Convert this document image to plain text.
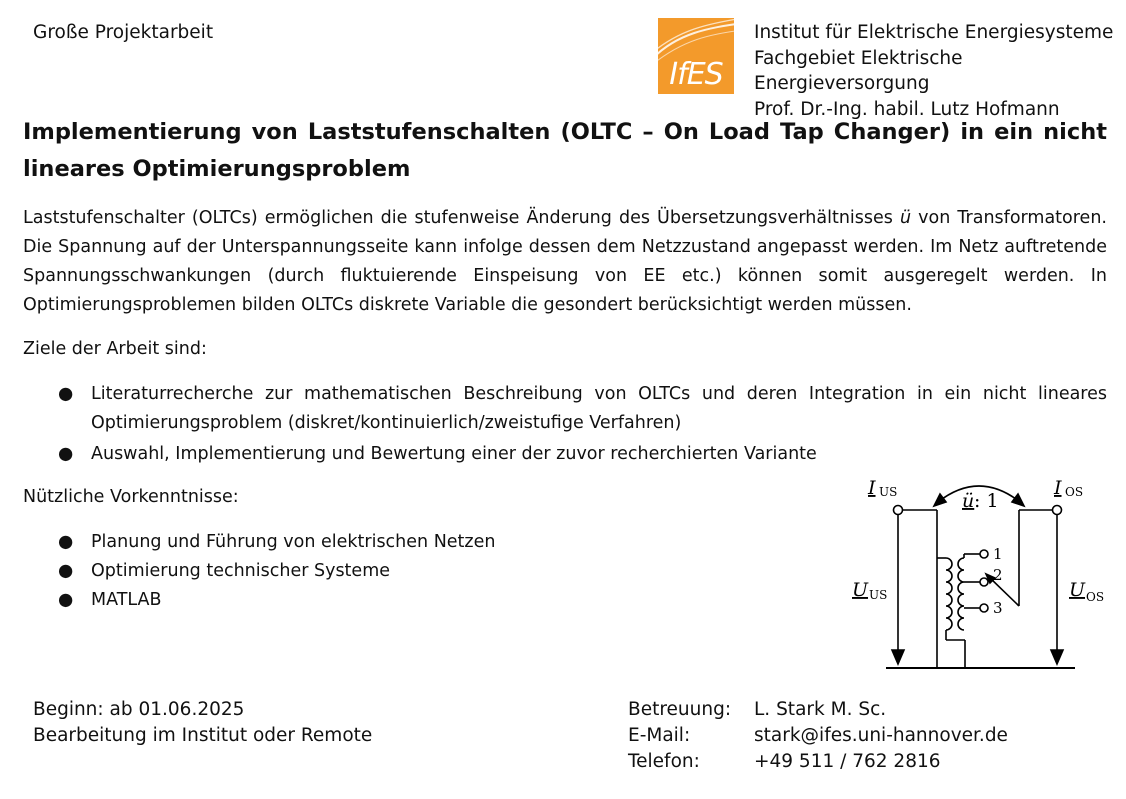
Große Projektarbeit
IfES
Institut für Elektrische Energiesysteme
Fachgebiet Elektrische Energieversorgung
Prof. Dr.-Ing. habil. Lutz Hofmann
Implementierung von Laststufenschalten (OLTC – On Load Tap Changer) in ein nicht lineares Optimierungsproblem
Laststufenschalter (OLTCs) ermöglichen die stufenweise Änderung des Übersetzungsverhältnisses ü von Transformatoren. Die Spannung auf der Unterspannungsseite kann infolge dessen dem Netzzustand angepasst werden. Im Netz auftretende Spannungsschwankungen (durch fluktuierende Einspeisung von EE etc.) können somit ausgeregelt werden. In Optimierungsproblemen bilden OLTCs diskrete Variable die gesondert berücksichtigt werden müssen.
Ziele der Arbeit sind:
● Literaturrecherche zur mathematischen Beschreibung von OLTCs und deren Integration in ein nicht lineares Optimierungsproblem (diskret/kontinuierlich/zweistufige Verfahren)
● Auswahl, Implementierung und Bewertung einer der zuvor recherchierten Variante
Nützliche Vorkenntnisse:
● Planung und Führung von elektrischen Netzen
● Optimierung technischer Systeme
● MATLAB
I US	I OS
ü : 1
U US	U OS
1
2
3
Beginn: ab 01.06.2025
Bearbeitung im Institut oder Remote
Betreuung:
E-Mail:
Telefon:
L. Stark M. Sc.
stark@ifes.uni-hannover.de
+49 511 / 762 2816
